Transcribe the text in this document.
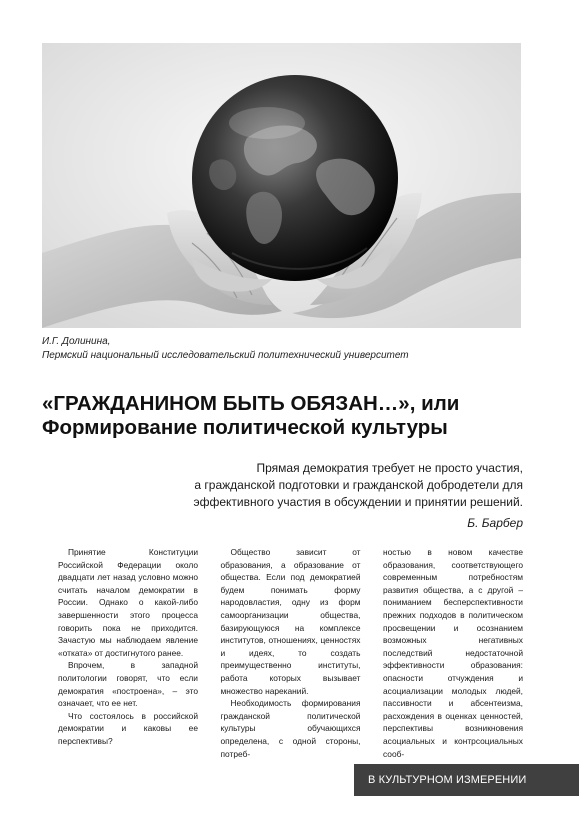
И.Г. Долинина,
Пермский национальный исследовательский политехнический университет
«ГРАЖДАНИНОМ БЫТЬ ОБЯЗАН…», или
Формирование политической культуры
Прямая демократия требует не просто участия,
а гражданской подготовки и гражданской добродетели для
эффективного участия в обсуждении и принятии решений.
Б. Барбер

Принятие Конституции Российской Федерации около двадцати лет назад условно можно считать началом демократии в России. Однако о какой-либо завершенности этого процесса говорить пока не приходится. Зачастую мы наблюдаем явление «отката» от достигнутого ранее.

Впрочем, в западной политологии говорят, что если демократия «построена», – это означает, что ее нет.

Что состоялось в российской демократии и каковы ее перспективы?

Общество зависит от образования, а образование от общества. Если под демократией будем понимать форму народовластия, одну из форм самоорганизации общества, базирующуюся на комплексе институтов, отношениях, ценностях и идеях, то создать преимущественно институты, работа которых вызывает множество нареканий.

Необходимость формирования гражданской политической культуры обучающихся определена, с одной стороны, потреб-

ностью в новом качестве образования, соответствующего современным потребностям развития общества, а с другой – пониманием бесперспективности прежних подходов в политическом просвещении и осознанием возможных негативных последствий недостаточной эффективности образования: опасности отчуждения и асоциализации молодых людей, пассивности и абсентеизма, расхождения в оценках ценностей, перспективы возникновения асоциальных и контрсоциальных сооб-

В КУЛЬТУРНОМ ИЗМЕРЕНИИ
